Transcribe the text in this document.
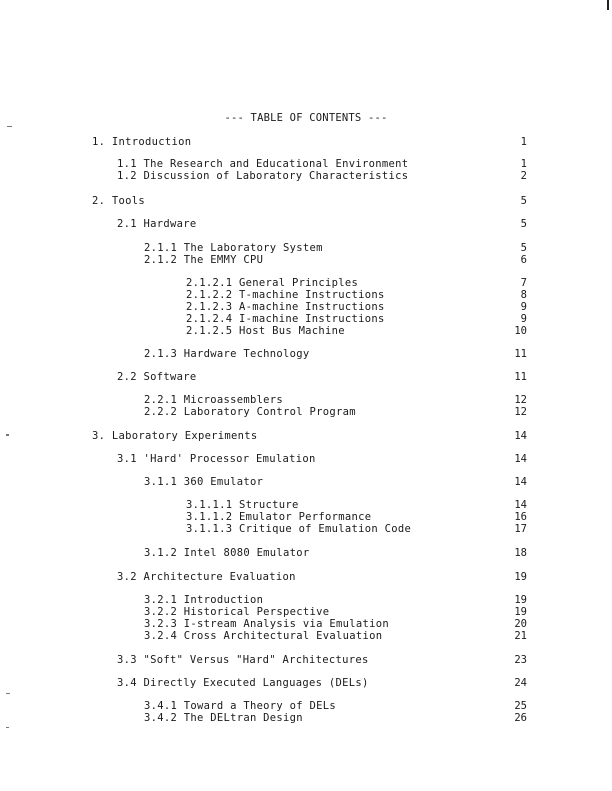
--- TABLE OF CONTENTS ---
1. Introduction	1
1.1 The Research and Educational Environment	1
1.2 Discussion of Laboratory Characteristics	2
2. Tools	5
2.1 Hardware	5
2.1.1 The Laboratory System	5
2.1.2 The EMMY CPU	6
2.1.2.1 General Principles	7
2.1.2.2 T-machine Instructions	8
2.1.2.3 A-machine Instructions	9
2.1.2.4 I-machine Instructions	9
2.1.2.5 Host Bus Machine	10
2.1.3 Hardware Technology	11
2.2 Software	11
2.2.1 Microassemblers	12
2.2.2 Laboratory Control Program	12
3. Laboratory Experiments	14
3.1 'Hard' Processor Emulation	14
3.1.1 360 Emulator	14
3.1.1.1 Structure	14
3.1.1.2 Emulator Performance	16
3.1.1.3 Critique of Emulation Code	17
3.1.2 Intel 8080 Emulator	18
3.2 Architecture Evaluation	19
3.2.1 Introduction	19
3.2.2 Historical Perspective	19
3.2.3 I-stream Analysis via Emulation	20
3.2.4 Cross Architectural Evaluation	21
3.3 "Soft" Versus "Hard" Architectures	23
3.4 Directly Executed Languages (DELs)	24
3.4.1 Toward a Theory of DELs	25
3.4.2 The DELtran Design	26
